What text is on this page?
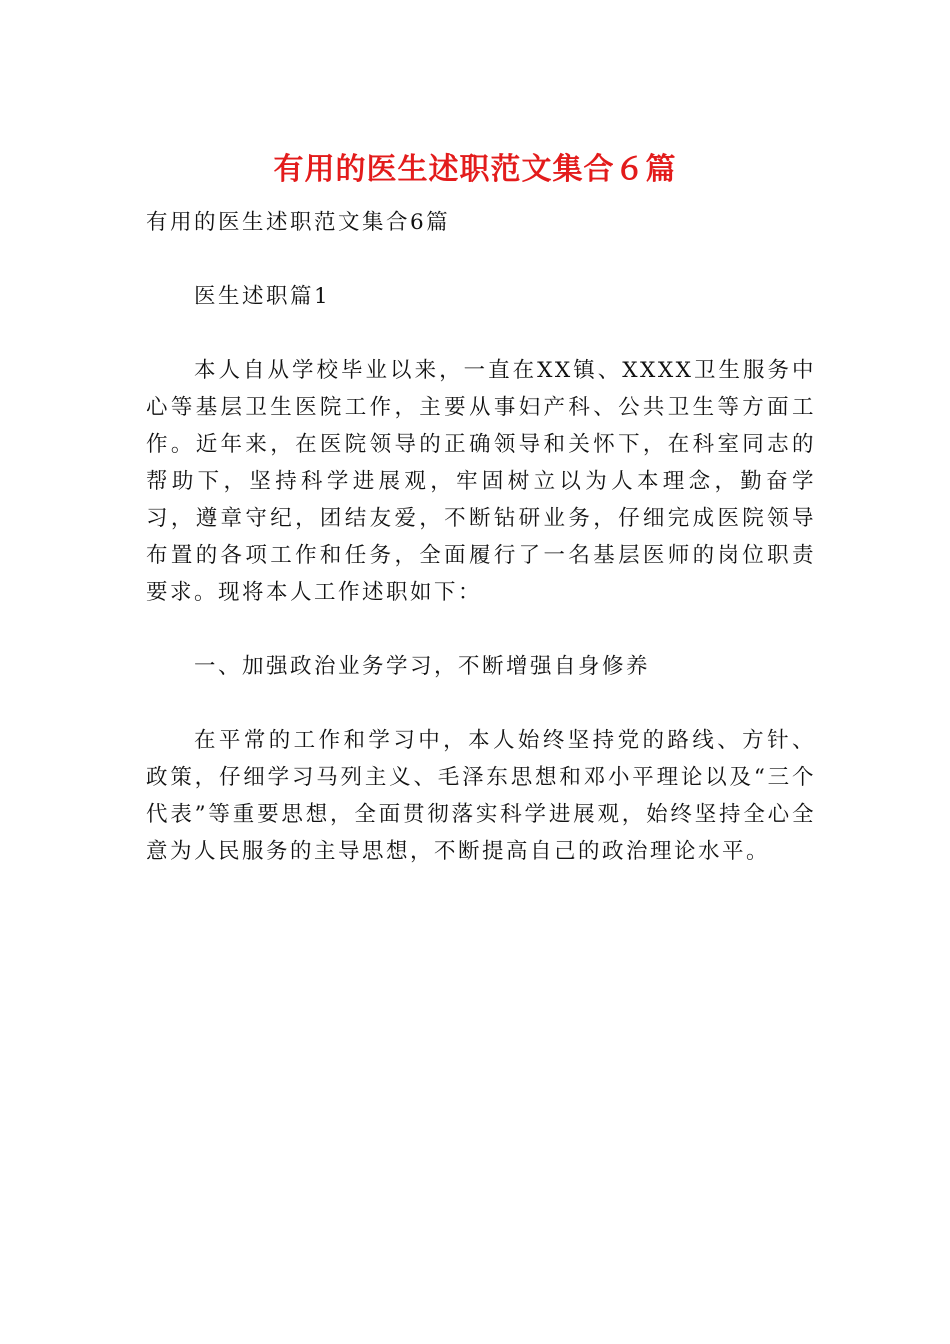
有用的医生述职范文集合６篇

有用的医生述职范文集合6篇

医生述职篇1

本人自从学校毕业以来，一直在XX镇、XXXX卫生服务中心等基层卫生医院工作，主要从事妇产科、公共卫生等方面工作。近年来，在医院领导的正确领导和关怀下，在科室同志的帮助下，坚持科学进展观，牢固树立以为人本理念，勤奋学习，遵章守纪，团结友爱，不断钻研业务，仔细完成医院领导布置的各项工作和任务，全面履行了一名基层医师的岗位职责要求。现将本人工作述职如下：

一、加强政治业务学习，不断增强自身修养

在平常的工作和学习中，本人始终坚持党的路线、方针、政策，仔细学习马列主义、毛泽东思想和邓小平理论以及“三个代表”等重要思想，全面贯彻落实科学进展观，始终坚持全心全意为人民服务的主导思想，不断提高自己的政治理论水平。
